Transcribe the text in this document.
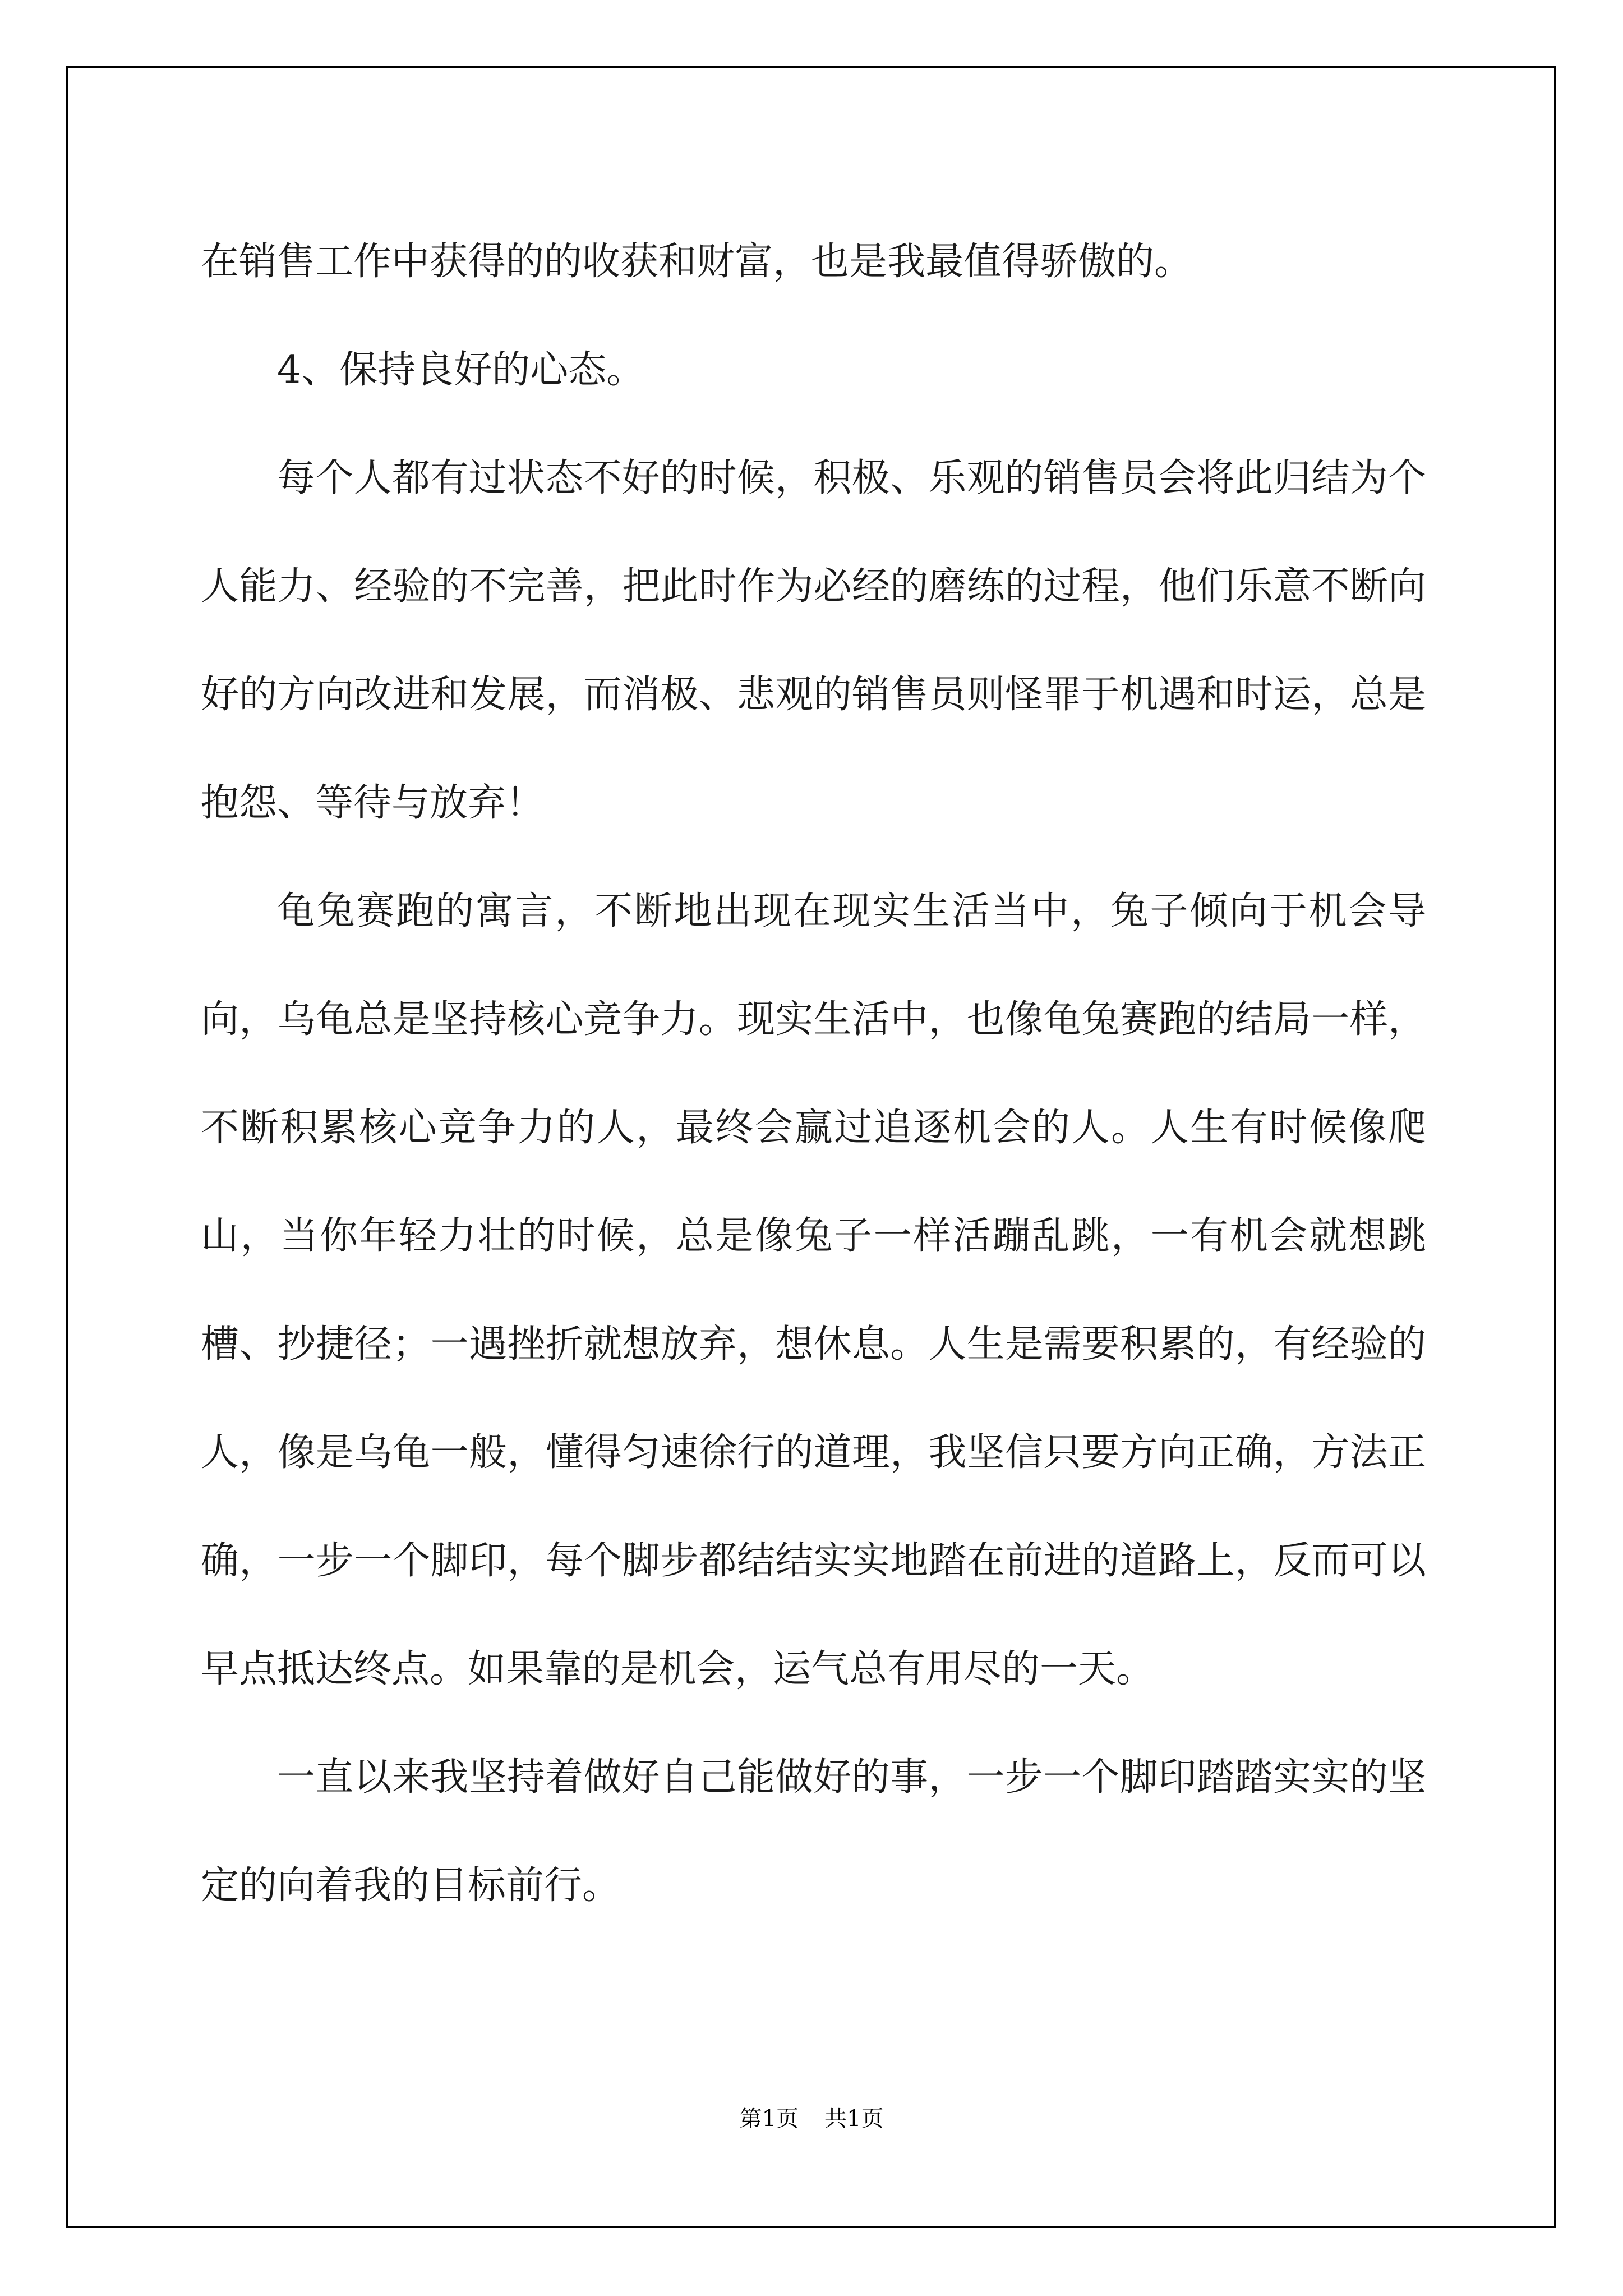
在销售工作中获得的的收获和财富，也是我最值得骄傲的。

4、保持良好的心态。

每个人都有过状态不好的时候，积极、乐观的销售员会将此归结为个人能力、经验的不完善，把此时作为必经的磨练的过程，他们乐意不断向好的方向改进和发展，而消极、悲观的销售员则怪罪于机遇和时运，总是抱怨、等待与放弃！

龟兔赛跑的寓言，不断地出现在现实生活当中，兔子倾向于机会导向，乌龟总是坚持核心竞争力。现实生活中，也像龟兔赛跑的结局一样，不断积累核心竞争力的人，最终会赢过追逐机会的人。人生有时候像爬山，当你年轻力壮的时候，总是像兔子一样活蹦乱跳，一有机会就想跳槽、抄捷径；一遇挫折就想放弃，想休息。人生是需要积累的，有经验的人，像是乌龟一般，懂得匀速徐行的道理，我坚信只要方向正确，方法正确，一步一个脚印，每个脚步都结结实实地踏在前进的道路上，反而可以早点抵达终点。如果靠的是机会，运气总有用尽的一天。

一直以来我坚持着做好自己能做好的事，一步一个脚印踏踏实实的坚定的向着我的目标前行。

第1页 共1页
